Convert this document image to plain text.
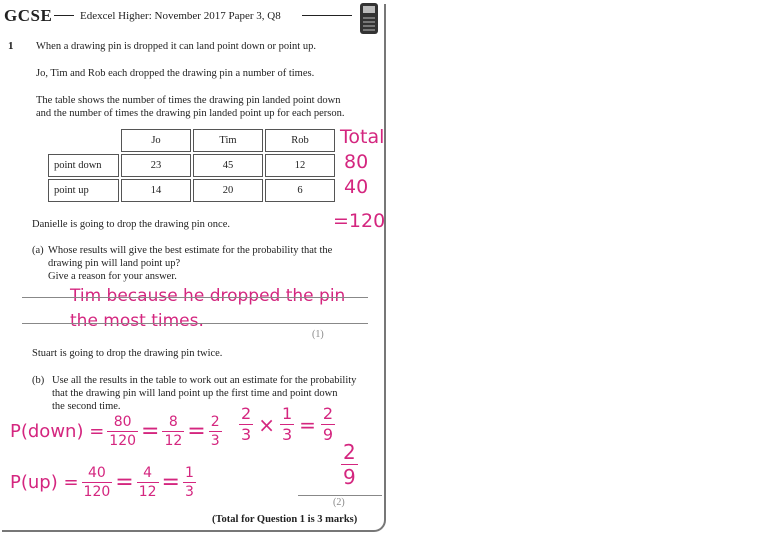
GCSE	Edexcel Higher: November 2017 Paper 3, Q8
1 When a drawing pin is dropped it can land point down or point up.
Jo, Tim and Rob each dropped the drawing pin a number of times.
The table shows the number of times the drawing pin landed point down
and the number of times the drawing pin landed point up for each person.
	Jo	Tim	Rob
point down	23	45	12
point up	14	20	6
Total
80
40
=120
Danielle is going to drop the drawing pin once.
(a) Whose results will give the best estimate for the probability that the
drawing pin will land point up?
Give a reason for your answer.
Tim because he dropped the pin
the most times.
(1)
Stuart is going to drop the drawing pin twice.
(b) Use all the results in the table to work out an estimate for the probability
that the drawing pin will land point up the first time and point down
the second time.
P(down) = $\frac{80}{120} = \frac{8}{12} = \frac{2}{3} \frac{2}{3} \times \frac{1}{3} = \frac{2}{9}$
$P(up) = \frac{40}{120} = \frac{4}{12} = \frac{1}{3}$	$\frac{2}{9}$
(2)
(Total for Question 1 is 3 marks)
